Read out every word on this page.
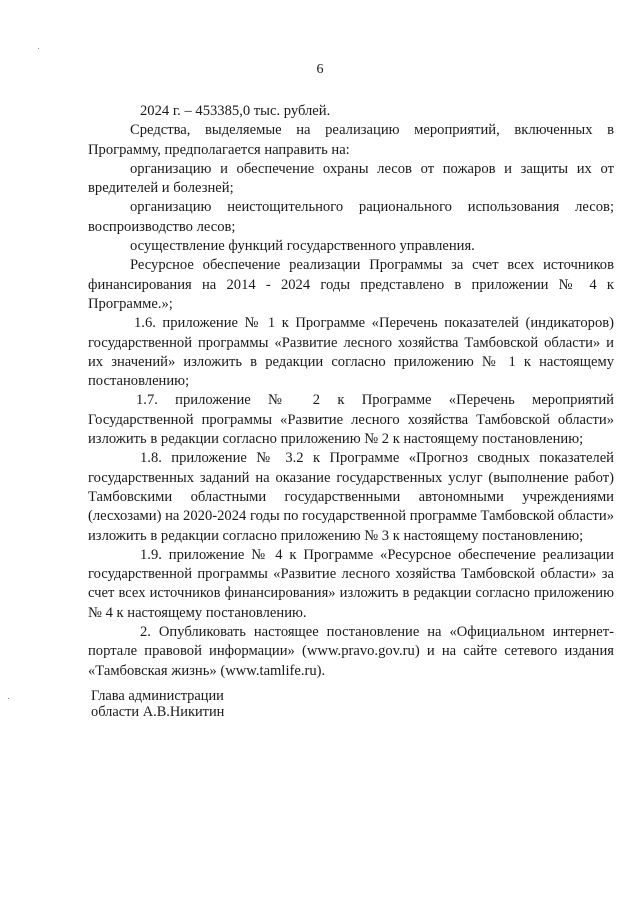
6

2024 г. – 453385,0 тыс. рублей.

Средства, выделяемые на реализацию мероприятий, включенных в Программу, предполагается направить на:

организацию и обеспечение охраны лесов от пожаров и защиты их от вредителей и болезней;

организацию неистощительного рационального использования лесов; воспроизводство лесов;

осуществление функций государственного управления.

Ресурсное обеспечение реализации Программы за счет всех источников финансирования на 2014 - 2024 годы представлено в приложении № 4 к Программе.»;

1.6. приложение № 1 к Программе «Перечень показателей (индикаторов) государственной программы «Развитие лесного хозяйства Тамбовской области» и их значений» изложить в редакции согласно приложению № 1 к настоящему постановлению;

1.7. приложение № 2 к Программе «Перечень мероприятий Государственной программы «Развитие лесного хозяйства Тамбовской области» изложить в редакции согласно приложению № 2 к настоящему постановлению;

1.8. приложение № 3.2 к Программе «Прогноз сводных показателей государственных заданий на оказание государственных услуг (выполнение работ) Тамбовскими областными государственными автономными учреждениями (лесхозами) на 2020-2024 годы по государственной программе Тамбовской области» изложить в редакции согласно приложению № 3 к настоящему постановлению;

1.9. приложение № 4 к Программе «Ресурсное обеспечение реализации государственной программы «Развитие лесного хозяйства Тамбовской области» за счет всех источников финансирования» изложить в редакции согласно приложению № 4 к настоящему постановлению.

2. Опубликовать настоящее постановление на «Официальном интернет-портале правовой информации» (www.pravo.gov.ru) и на сайте сетевого издания «Тамбовская жизнь» (www.tamlife.ru).

Глава администрации
области А.В.Никитин
